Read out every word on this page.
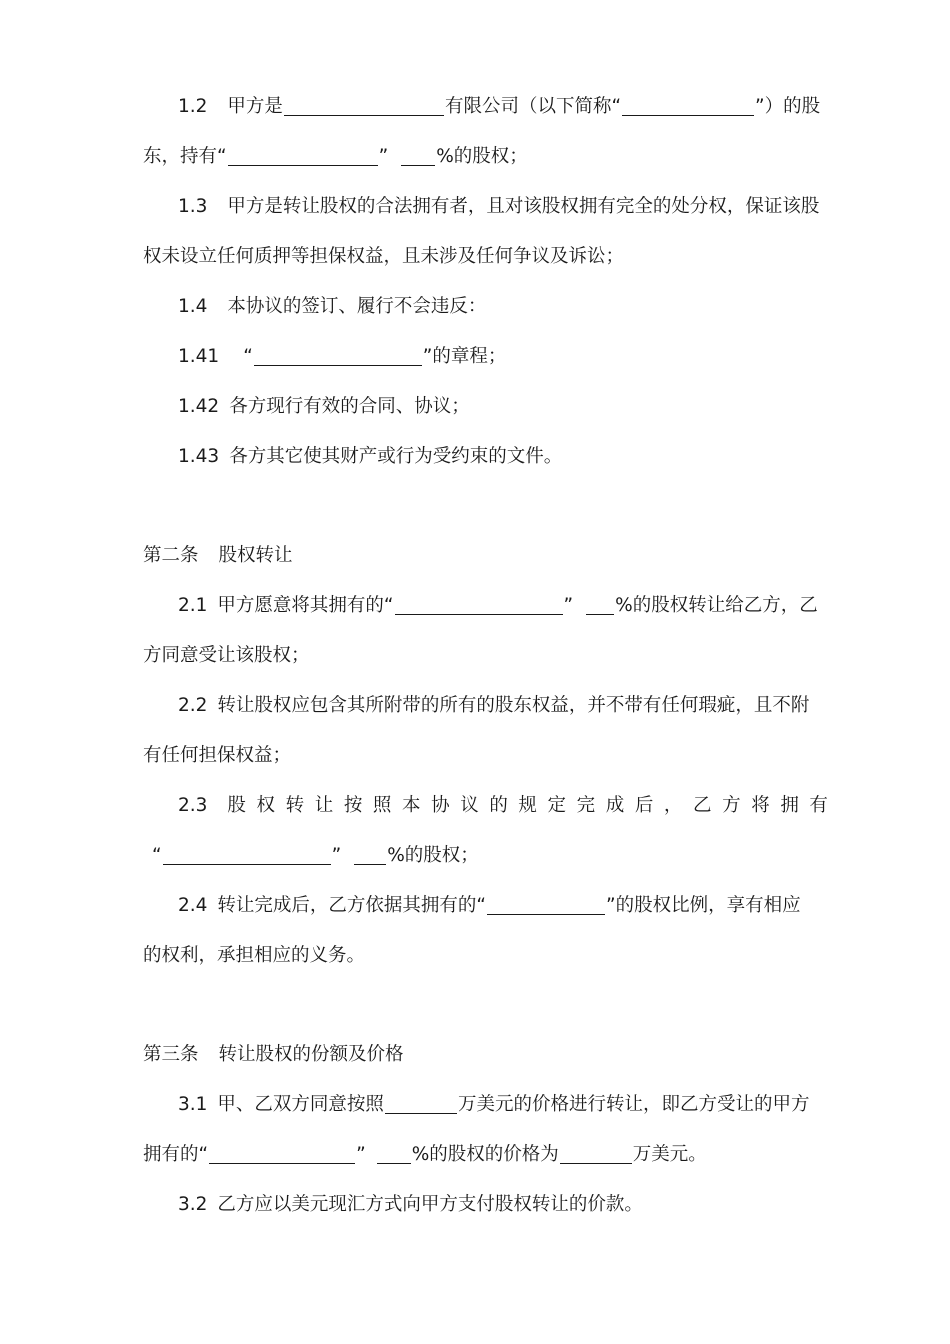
1.2 甲方是	有限公司（以下简称“	”）的股
东，持有“	”	%的股权；
1.3 甲方是转让股权的合法拥有者，且对该股权拥有完全的处分权，保证该股
权未设立任何质押等担保权益，且未涉及任何争议及诉讼；
1.4 本协议的签订、履行不会违反：
1.41 “	”的章程；
1.42 各方现行有效的合同、协议；
1.43 各方其它使其财产或行为受约束的文件。
第二条 股权转让
2.1 甲方愿意将其拥有的“	” %的股权转让给乙方，乙
方同意受让该股权；
2.2 转让股权应包含其所附带的所有的股东权益，并不带有任何瑕疵，且不附
有任何担保权益；
2.3 股权转让按照本协议的规定完成后，乙方将拥有
“	” %的股权；
2.4 转让完成后，乙方依据其拥有的“	”的股权比例，享有相应
的权利，承担相应的义务。
第三条 转让股权的份额及价格
3.1 甲、乙双方同意按照	万美元的价格进行转让，即乙方受让的甲方
拥有的“	” %的股权的价格为	万美元。
3.2 乙方应以美元现汇方式向甲方支付股权转让的价款。
